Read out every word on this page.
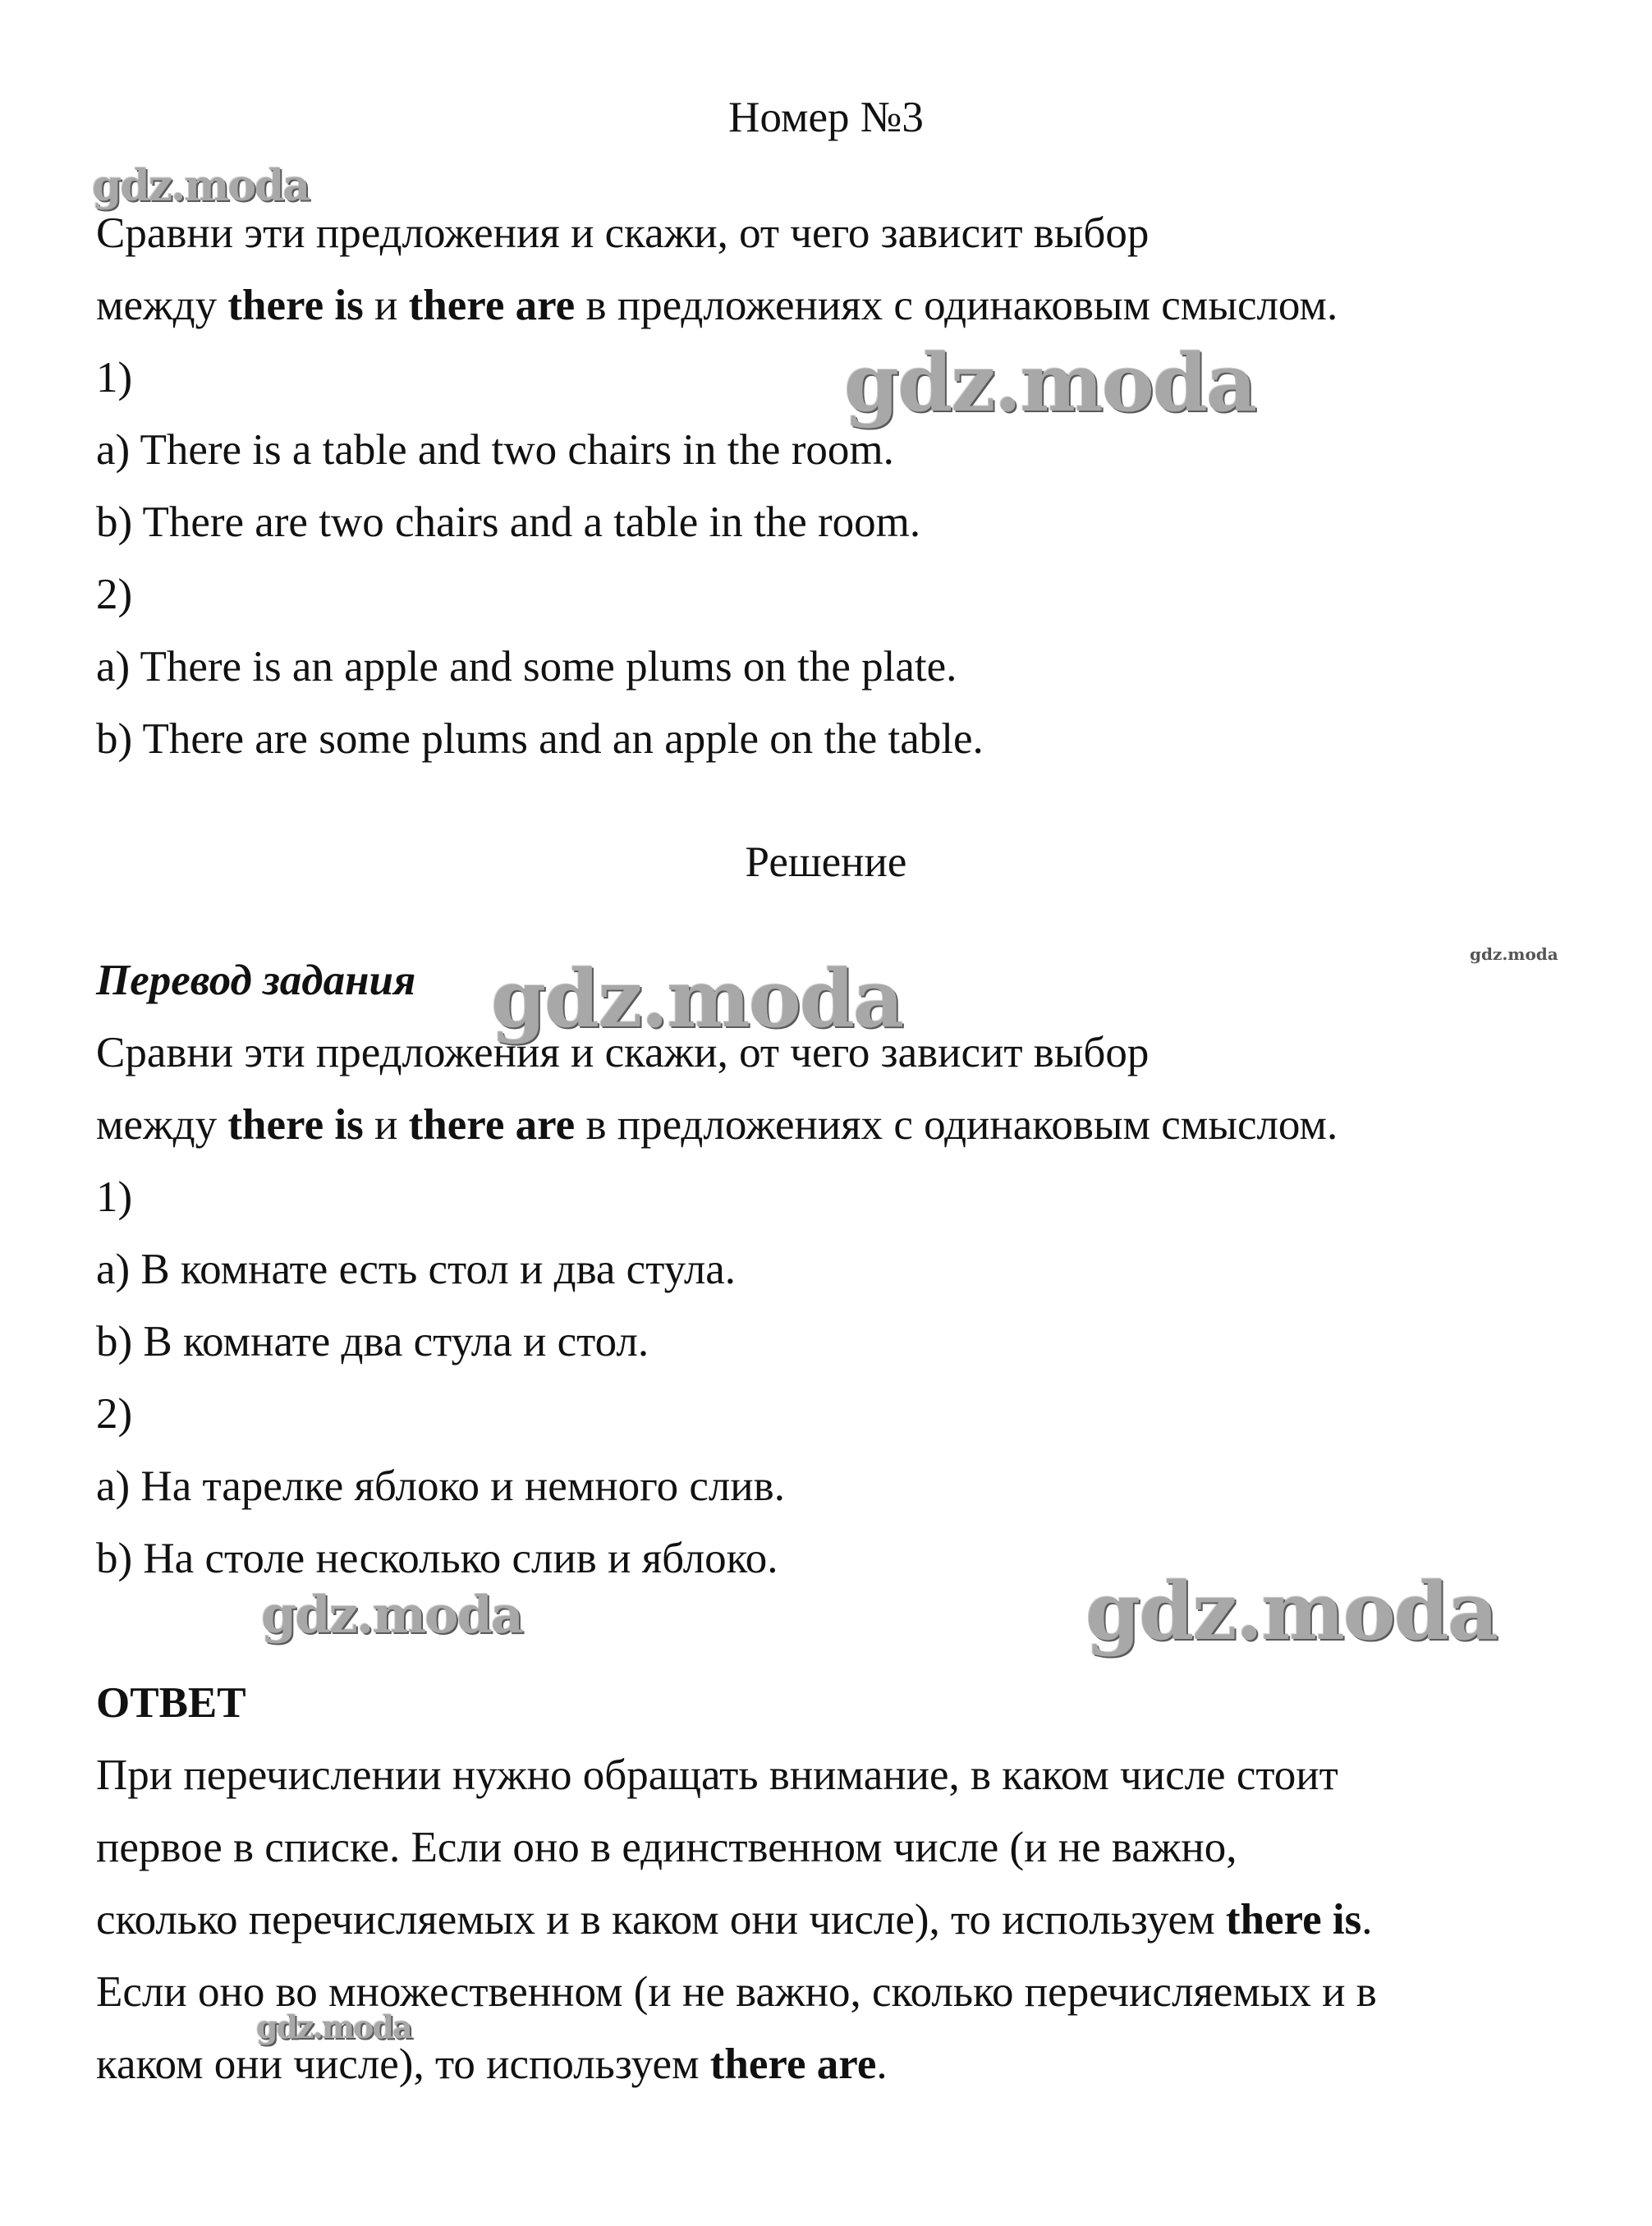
Номер №3
Сравни эти предложения и скажи, от чего зависит выбор
между there is и there are в предложениях с одинаковым смыслом.
1)
a) There is a table and two chairs in the room.
b) There are two chairs and a table in the room.
2)
a) There is an apple and some plums on the plate.
b) There are some plums and an apple on the table.
Решение
Перевод задания
Сравни эти предложения и скажи, от чего зависит выбор
между there is и there are в предложениях с одинаковым смыслом.
1)
a) В комнате есть стол и два стула.
b) В комнате два стула и стол.
2)
a) На тарелке яблоко и немного слив.
b) На столе несколько слив и яблоко.
ОТВЕТ
При перечислении нужно обращать внимание, в каком числе стоит
первое в списке. Если оно в единственном числе (и не важно,
сколько перечисляемых и в каком они числе), то используем there is.
Если оно во множественном (и не важно, сколько перечисляемых и в
каком они числе), то используем there are.
gdz.moda
gdz.moda
gdz.moda
gdz.moda
gdz.moda	gdz.moda
gdz.moda
